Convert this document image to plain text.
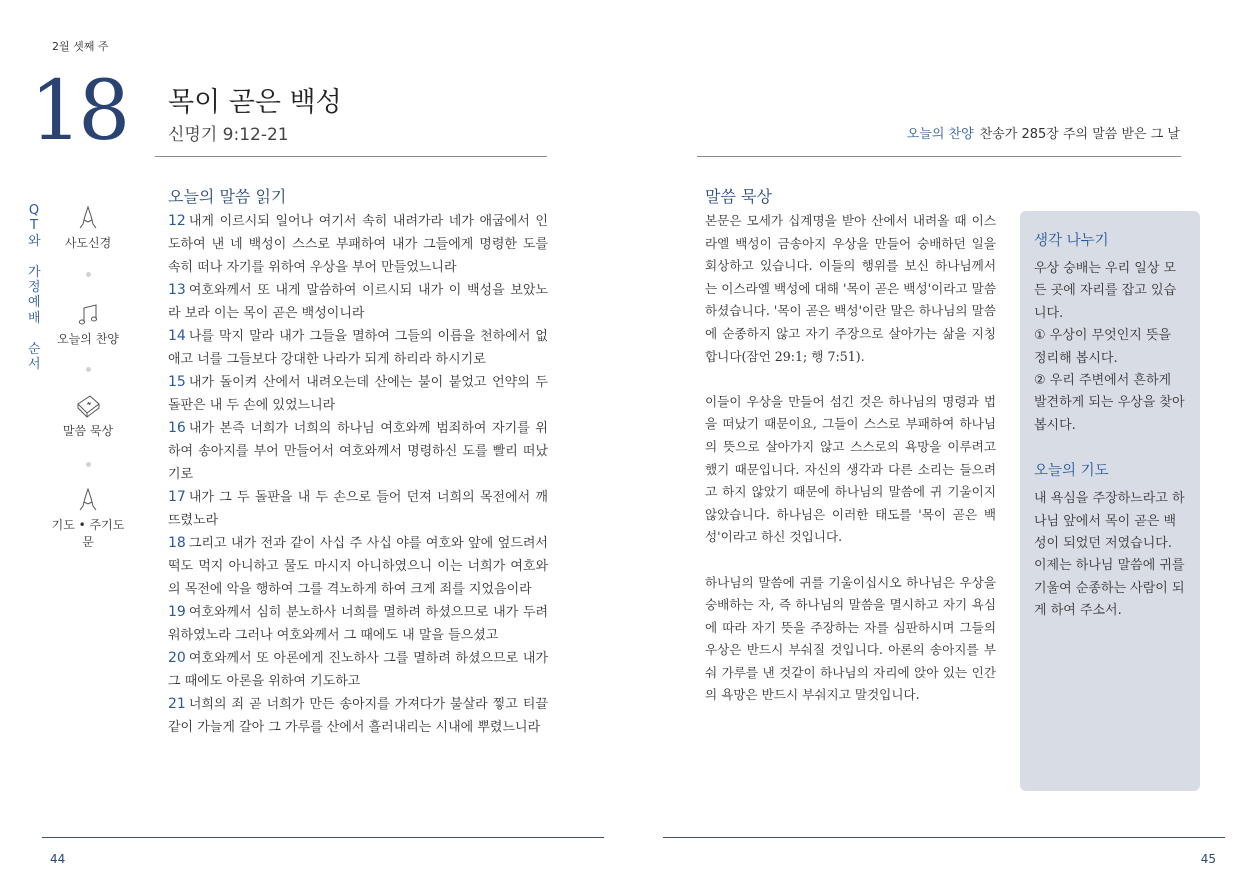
2월 셋째 주
18 목이 곧은 백성
신명기 9:12-21	오늘의 찬양 찬송가 285장 주의 말씀 받은 그 날
Q
T
와
가
정
예
배
순
서
사도신경
오늘의 찬양
말씀 묵상
기도 • 주기도문
오늘의 말씀 읽기
12 내게 이르시되 일어나 여기서 속히 내려가라 네가 애굽에서 인도하여 낸 네 백성이 스스로 부패하여 내가 그들에게 명령한 도를 속히 떠나 자기를 위하여 우상을 부어 만들었느니라
13 여호와께서 또 내게 말씀하여 이르시되 내가 이 백성을 보았노라 보라 이는 목이 곧은 백성이니라
14 나를 막지 말라 내가 그들을 멸하여 그들의 이름을 천하에서 없애고 너를 그들보다 강대한 나라가 되게 하리라 하시기로
15 내가 돌이켜 산에서 내려오는데 산에는 불이 붙었고 언약의 두 돌판은 내 두 손에 있었느니라
16 내가 본즉 너희가 너희의 하나님 여호와께 범죄하여 자기를 위하여 송아지를 부어 만들어서 여호와께서 명령하신 도를 빨리 떠났기로
17 내가 그 두 돌판을 내 두 손으로 들어 던져 너희의 목전에서 깨뜨렸노라
18 그리고 내가 전과 같이 사십 주 사십 야를 여호와 앞에 엎드려서 떡도 먹지 아니하고 물도 마시지 아니하였으니 이는 너희가 여호와의 목전에 악을 행하여 그를 격노하게 하여 크게 죄를 지었음이라
19 여호와께서 심히 분노하사 너희를 멸하려 하셨으므로 내가 두려워하였노라 그러나 여호와께서 그 때에도 내 말을 들으셨고
20 여호와께서 또 아론에게 진노하사 그를 멸하려 하셨으므로 내가 그 때에도 아론을 위하여 기도하고
21 너희의 죄 곧 너희가 만든 송아지를 가져다가 불살라 찧고 티끌 같이 가늘게 갈아 그 가루를 산에서 흘러내리는 시내에 뿌렸느니라
말씀 묵상

본문은 모세가 십계명을 받아 산에서 내려올 때 이스라엘 백성이 금송아지 우상을 만들어 숭배하던 일을 회상하고 있습니다. 이들의 행위를 보신 하나님께서는 이스라엘 백성에 대해 '목이 곧은 백성'이라고 말씀하셨습니다. '목이 곧은 백성'이란 말은 하나님의 말씀에 순종하지 않고 자기 주장으로 살아가는 삶을 지칭합니다(잠언 29:1; 행 7:51).

이들이 우상을 만들어 섬긴 것은 하나님의 명령과 법을 떠났기 때문이요, 그들이 스스로 부패하여 하나님의 뜻으로 살아가지 않고 스스로의 욕망을 이루려고 했기 때문입니다. 자신의 생각과 다른 소리는 들으려고 하지 않았기 때문에 하나님의 말씀에 귀 기울이지 않았습니다. 하나님은 이러한 태도를 '목이 곧은 백성'이라고 하신 것입니다.

하나님의 말씀에 귀를 기울이십시오 하나님은 우상을 숭배하는 자, 즉 하나님의 말씀을 멸시하고 자기 욕심에 따라 자기 뜻을 주장하는 자를 심판하시며 그들의 우상은 반드시 부숴질 것입니다. 아론의 송아지를 부숴 가루를 낸 것같이 하나님의 자리에 앉아 있는 인간의 욕망은 반드시 부숴지고 말것입니다.

생각 나누기

우상 숭배는 우리 일상 모든 곳에 자리를 잡고 있습니다.

① 우상이 무엇인지 뜻을 정리해 봅시다.

② 우리 주변에서 흔하게 발견하게 되는 우상을 찾아 봅시다.

오늘의 기도
내 욕심을 주장하느라고 하나님 앞에서 목이 곧은 백성이 되었던 저였습니다. 이제는 하나님 말씀에 귀를 기울여 순종하는 사람이 되게 하여 주소서.
44	45
